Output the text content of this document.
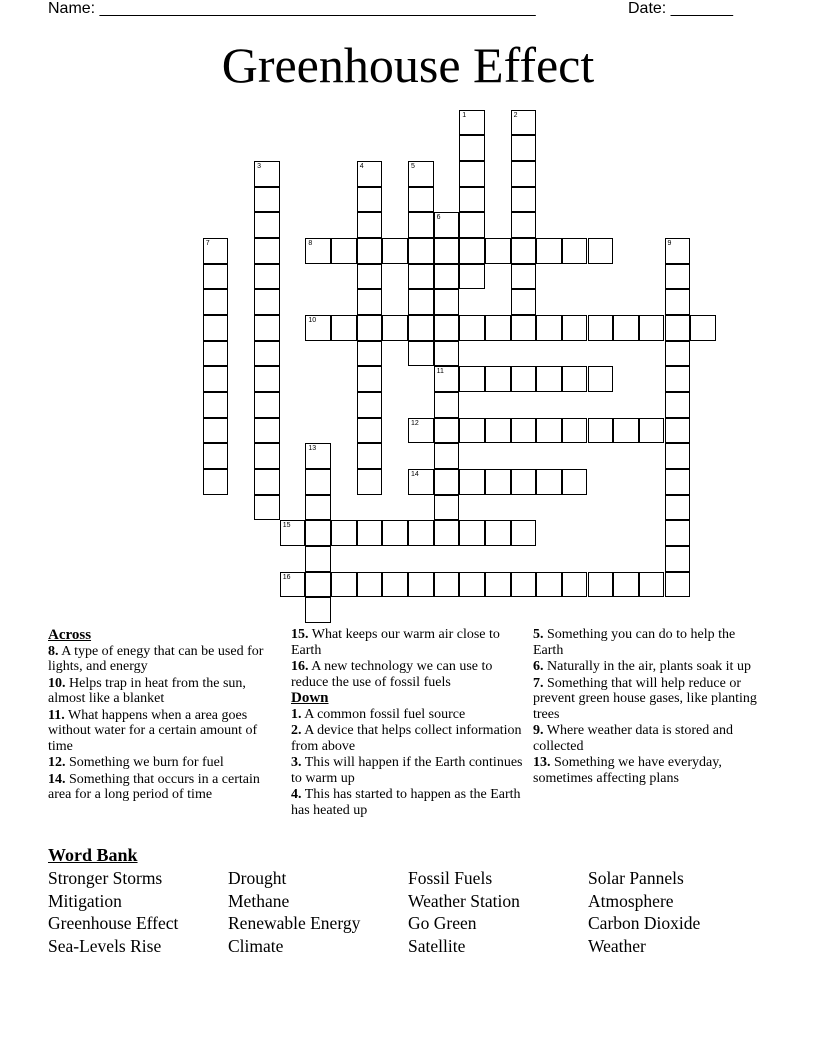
Name: _________________________________________________	Date: _______
Greenhouse Effect
1	2
3	4	5
6
11
7	8	9
10
12
13
14
15
16
Across

8. A type of enegy that can be used for lights, and energy

10. Helps trap in heat from the sun, almost like a blanket

11. What happens when a area goes without water for a certain amount of time

12. Something we burn for fuel

14. Something that occurs in a certain area for a long period of time

15. What keeps our warm air close to Earth

16. A new technology we can use to reduce the use of fossil fuels

Down

1. A common fossil fuel source

2. A device that helps collect information from above

3. This will happen if the Earth continues to warm up

4. This has started to happen as the Earth has heated up

5. Something you can do to help the Earth

6. Naturally in the air, plants soak it up

7. Something that will help reduce or prevent green house gases, like planting trees

9. Where weather data is stored and collected

13. Something we have everyday, sometimes affecting plans

Word Bank
Stronger Storms
Mitigation
Greenhouse Effect
Sea-Levels Rise
Drought
Methane
Renewable Energy
Climate
Fossil Fuels
Weather Station
Go Green
Satellite
Solar Pannels
Atmosphere
Carbon Dioxide
Weather
